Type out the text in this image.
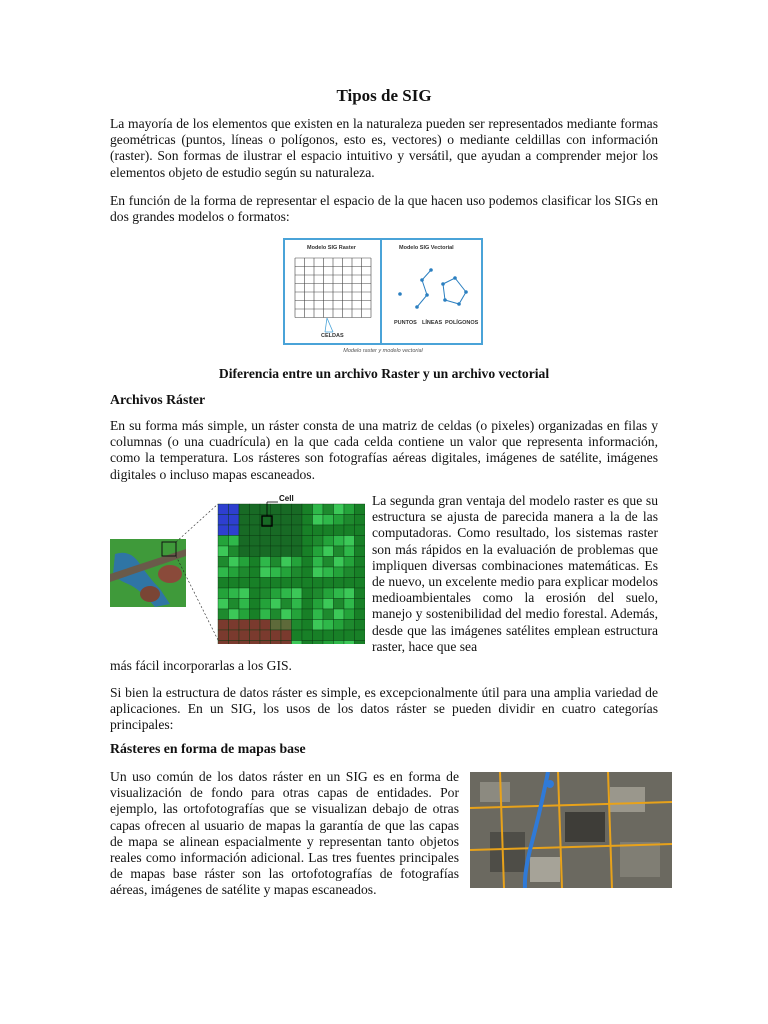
Tipos de SIG

La mayoría de los elementos que existen en la naturaleza pueden ser representados mediante formas geométricas (puntos, líneas o polígonos, esto es, vectores) o mediante celdillas con información (raster). Son formas de ilustrar el espacio intuitivo y versátil, que ayudan a comprender mejor los elementos objeto de estudio según su naturaleza.

En función de la forma de representar el espacio de la que hacen uso podemos clasificar los SIGs en dos grandes modelos o formatos:

Modelo SIG Raster	Modelo SIG Vectorial
CELDAS
PUNTOS LÍNEAS POLÍGONOS
Modelo raster y modelo vectorial
Diferencia entre un archivo Raster y un archivo vectorial
Archivos Ráster

En su forma más simple, un ráster consta de una matriz de celdas (o pixeles) organizadas en filas y columnas (o una cuadrícula) en la que cada celda contiene un valor que representa información, como la temperatura. Los rásteres son fotografías aéreas digitales, imágenes de satélite, imágenes digitales o incluso mapas escaneados.

Cell	La segunda gran ventaja del modelo raster es que su estructura se ajusta de parecida manera a la de las computadoras. Como resultado, los sistemas raster son más rápidos en la evaluación de problemas que impliquen diversas combinaciones matemáticas. Es de nuevo, un excelente medio para explicar modelos medioambientales como la erosión del suelo, manejo y sostenibilidad del medio forestal. Además, desde que las imágenes satélites emplean estructura raster, hace que sea

más fácil incorporarlas a los GIS.

Si bien la estructura de datos ráster es simple, es excepcionalmente útil para una amplia variedad de aplicaciones. En un SIG, los usos de los datos ráster se pueden dividir en cuatro categorías principales:

Rásteres en forma de mapas base

Un uso común de los datos ráster en un SIG es en forma de visualización de fondo para otras capas de entidades. Por ejemplo, las ortofotografías que se visualizan debajo de otras capas ofrecen al usuario de mapas la garantía de que las capas de mapa se alinean espacialmente y representan tanto objetos reales como información adicional. Las tres fuentes principales de mapas base ráster son las ortofotografías de fotografías aéreas, imágenes de satélite y mapas escaneados.
